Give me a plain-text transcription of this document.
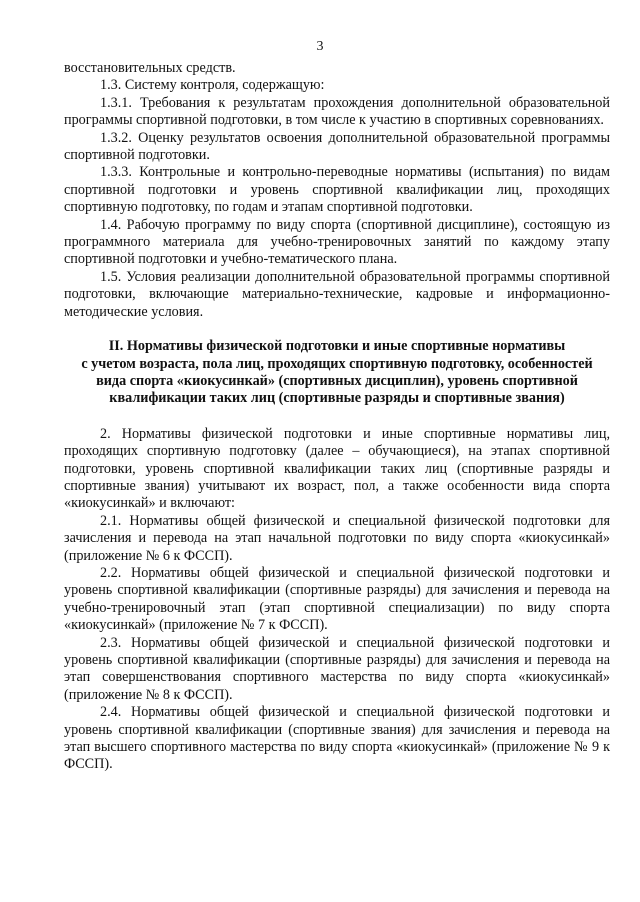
3

восстановительных средств.

1.3. Систему контроля, содержащую:

1.3.1. Требования к результатам прохождения дополнительной образовательной программы спортивной подготовки, в том числе к участию в спортивных соревнованиях.

1.3.2. Оценку результатов освоения дополнительной образовательной программы спортивной подготовки.

1.3.3. Контрольные и контрольно-переводные нормативы (испытания) по видам спортивной подготовки и уровень спортивной квалификации лиц, проходящих спортивную подготовку, по годам и этапам спортивной подготовки.

1.4. Рабочую программу по виду спорта (спортивной дисциплине), состоящую из программного материала для учебно-тренировочных занятий по каждому этапу спортивной подготовки и учебно-тематического плана.

1.5. Условия реализации дополнительной образовательной программы спортивной подготовки, включающие материально-технические, кадровые и информационно-методические условия.

II. Нормативы физической подготовки и иные спортивные нормативы
с учетом возраста, пола лиц, проходящих спортивную подготовку, особенностей
вида спорта «киокусинкай» (спортивных дисциплин), уровень спортивной
квалификации таких лиц (спортивные разряды и спортивные звания)

2. Нормативы физической подготовки и иные спортивные нормативы лиц, проходящих спортивную подготовку (далее – обучающиеся), на этапах спортивной подготовки, уровень спортивной квалификации таких лиц (спортивные разряды и спортивные звания) учитывают их возраст, пол, а также особенности вида спорта «киокусинкай» и включают:

2.1. Нормативы общей физической и специальной физической подготовки для зачисления и перевода на этап начальной подготовки по виду спорта «киокусинкай» (приложение № 6 к ФССП).

2.2. Нормативы общей физической и специальной физической подготовки и уровень спортивной квалификации (спортивные разряды) для зачисления и перевода на учебно-тренировочный этап (этап спортивной специализации) по виду спорта «киокусинкай» (приложение № 7 к ФССП).

2.3. Нормативы общей физической и специальной физической подготовки и уровень спортивной квалификации (спортивные разряды) для зачисления и перевода на этап совершенствования спортивного мастерства по виду спорта «киокусинкай» (приложение № 8 к ФССП).

2.4. Нормативы общей физической и специальной физической подготовки и уровень спортивной квалификации (спортивные звания) для зачисления и перевода на этап высшего спортивного мастерства по виду спорта «киокусинкай» (приложение № 9 к ФССП).
